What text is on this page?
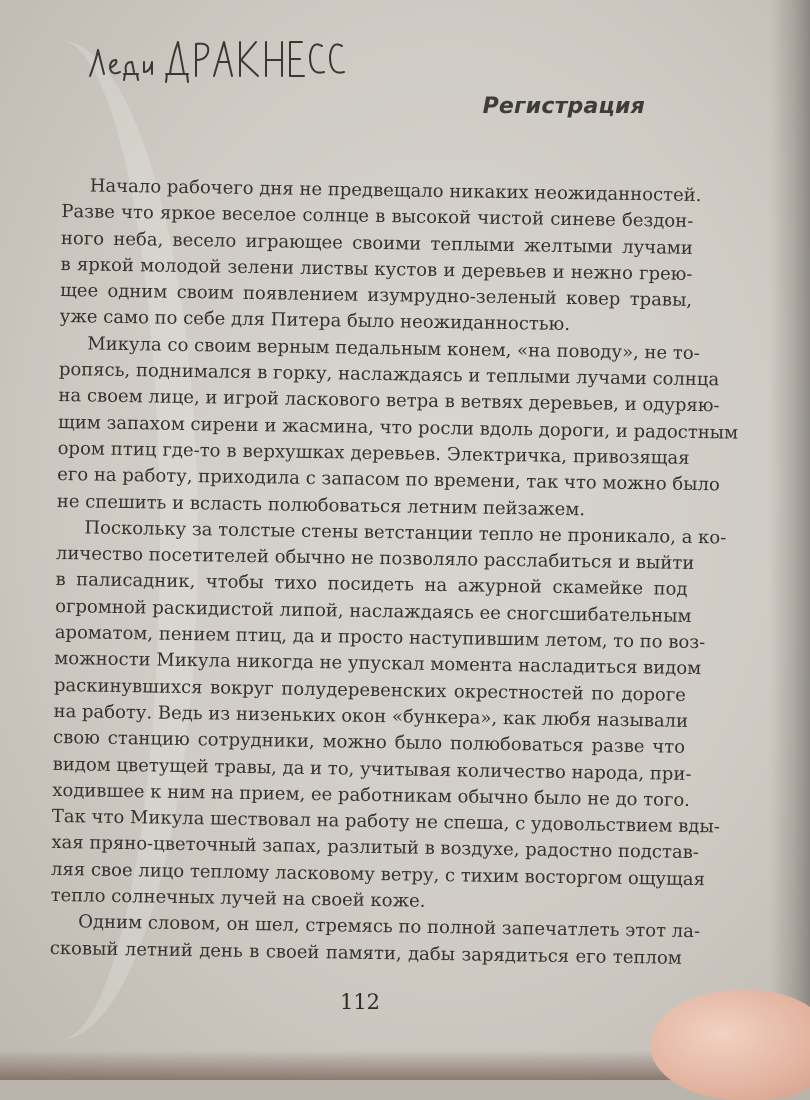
Регистрация
Начало рабочего дня не предвещало никаких неожиданностей.
Разве что яркое веселое солнце в высокой чистой синеве бездон-
ного неба, весело играющее своими теплыми желтыми лучами
в яркой молодой зелени листвы кустов и деревьев и нежно грею-
щее одним своим появлением изумрудно-зеленый ковер травы,
уже само по себе для Питера было неожиданностью.
Микула со своим верным педальным конем, «на поводу», не то-
ропясь, поднимался в горку, наслаждаясь и теплыми лучами солнца
на своем лице, и игрой ласкового ветра в ветвях деревьев, и одуряю-
щим запахом сирени и жасмина, что росли вдоль дороги, и радостным
ором птиц где-то в верхушках деревьев. Электричка, привозящая
его на работу, приходила с запасом по времени, так что можно было
не спешить и всласть полюбоваться летним пейзажем.
Поскольку за толстые стены ветстанции тепло не проникало, а ко-
личество посетителей обычно не позволяло расслабиться и выйти
в палисадник, чтобы тихо посидеть на ажурной скамейке под
огромной раскидистой липой, наслаждаясь ее сногсшибательным
ароматом, пением птиц, да и просто наступившим летом, то по воз-
можности Микула никогда не упускал момента насладиться видом
раскинувшихся вокруг полудеревенских окрестностей по дороге
на работу. Ведь из низеньких окон «бункера», как любя называли
свою станцию сотрудники, можно было полюбоваться разве что
видом цветущей травы, да и то, учитывая количество народа, при-
ходившее к ним на прием, ее работникам обычно было не до того.
Так что Микула шествовал на работу не спеша, с удовольствием вды-
хая пряно-цветочный запах, разлитый в воздухе, радостно подстав-
ляя свое лицо теплому ласковому ветру, с тихим восторгом ощущая
тепло солнечных лучей на своей коже.
Одним словом, он шел, стремясь по полной запечатлеть этот ла-
сковый летний день в своей памяти, дабы зарядиться его теплом
112
